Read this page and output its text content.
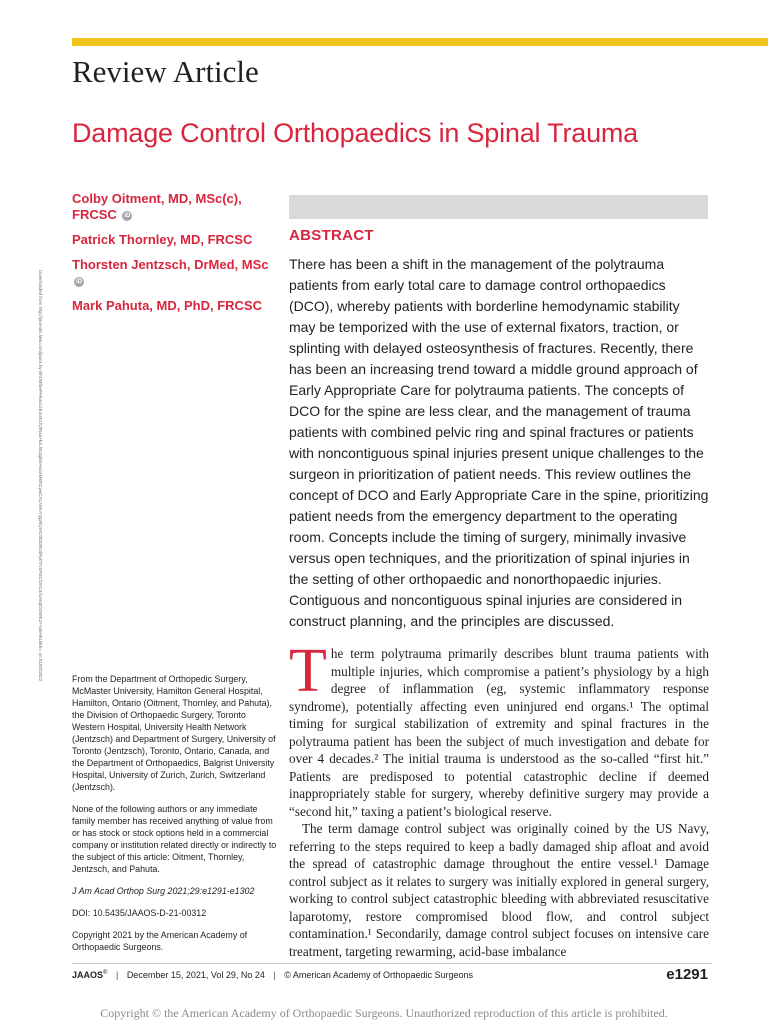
Review Article
Damage Control Orthopaedics in Spinal Trauma
Colby Oitment, MD, MSc(c), FRCSC iD
Patrick Thornley, MD, FRCSC
Thorsten Jentzsch, DrMed, MSc iD
Mark Pahuta, MD, PhD, FRCSC
ABSTRACT

There has been a shift in the management of the polytrauma patients from early total care to damage control orthopaedics (DCO), whereby patients with borderline hemodynamic stability may be temporized with the use of external fixators, traction, or splinting with delayed osteosynthesis of fractures. Recently, there has been an increasing trend toward a middle ground approach of Early Appropriate Care for polytrauma patients. The concepts of DCO for the spine are less clear, and the management of trauma patients with combined pelvic ring and spinal fractures or patients with noncontiguous spinal injuries present unique challenges to the surgeon in prioritization of patient needs. This review outlines the concept of DCO and Early Appropriate Care in the spine, prioritizing patient needs from the emergency department to the operating room. Concepts include the timing of surgery, minimally invasive versus open techniques, and the prioritization of spinal injuries in the setting of other orthopaedic and nonorthopaedic injuries. Contiguous and noncontiguous spinal injuries are considered in construct planning, and the principles are discussed.

The term polytrauma primarily describes blunt trauma patients with multiple injuries, which compromise a patient’s physiology by a high degree of inflammation (eg, systemic inflammatory response syndrome), potentially affecting even uninjured end organs.¹ The optimal timing for surgical stabilization of extremity and spinal fractures in the polytrauma patient has been the subject of much investigation and debate for over 4 decades.² The initial trauma is understood as the so-called “first hit.” Patients are predisposed to potential catastrophic decline if deemed inappropriately stable for surgery, whereby definitive surgery may provide a “second hit,” taxing a patient’s biological reserve.

The term damage control subject was originally coined by the US Navy, referring to the steps required to keep a badly damaged ship afloat and avoid the spread of catastrophic damage throughout the entire vessel.¹ Damage control subject as it relates to surgery was initially explored in general surgery, working to control subject catastrophic bleeding with abbreviated resuscitative laparotomy, restore compromised blood flow, and control subject contamination.¹ Secondarily, damage control subject focuses on intensive care treatment, targeting rewarming, acid-base imbalance

From the Department of Orthopedic Surgery, McMaster University, Hamilton General Hospital, Hamilton, Ontario (Oitment, Thornley, and Pahuta), the Division of Orthopaedic Surgery, Toronto Western Hospital, University Health Network (Jentzsch) and Department of Surgery, University of Toronto (Jentzsch), Toronto, Ontario, Canada, and the Department of Orthopaedics, Balgrist University Hospital, University of Zurich, Zurich, Switzerland (Jentzsch).

None of the following authors or any immediate family member has received anything of value from or has stock or stock options held in a commercial company or institution related directly or indirectly to the subject of this article: Oitment, Thornley, Jentzsch, and Pahuta.

J Am Acad Orthop Surg 2021;29:e1291-e1302

DOI: 10.5435/JAAOS-D-21-00312

Copyright 2021 by the American Academy of Orthopaedic Surgeons.

Downloaded from http://journals.lww.com/jaaos by BhDMf5ePHKav1zEoum1tQfN4a+kJLhEZgbsIHo4XMi0hCywCX1AWnYQp/IlQrHD3i3D0OdRyi7TvSFl4Cf3VC4/OAVpDDa8K2+Ya6H515kE= on 01/02/2022
JAAOS® | December 15, 2021, Vol 29, No 24 | © American Academy of Orthopaedic Surgeons	e1291
Copyright © the American Academy of Orthopaedic Surgeons. Unauthorized reproduction of this article is prohibited.
